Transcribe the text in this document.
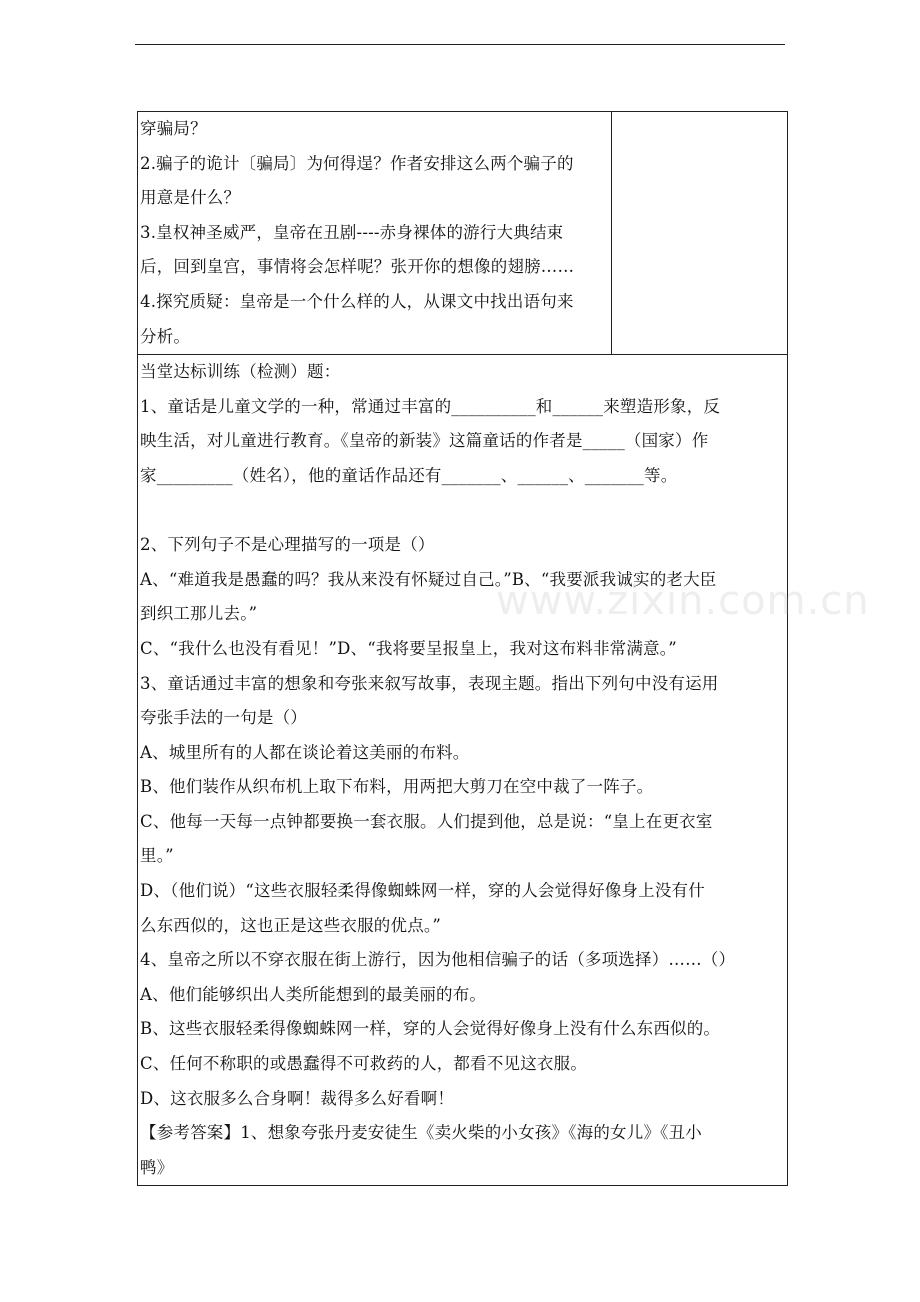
穿骗局？
2.骗子的诡计〔骗局〕为何得逞？作者安排这么两个骗子的
用意是什么？
3.皇权神圣威严，皇帝在丑剧----赤身裸体的游行大典结束
后，回到皇宫，事情将会怎样呢？张开你的想像的翅膀……
4.探究质疑：皇帝是一个什么样的人，从课文中找出语句来
分析。

当堂达标训练（检测）题：
1、童话是儿童文学的一种，常通过丰富的__________和______来塑造形象，反
映生活，对儿童进行教育。《皇帝的新装》这篇童话的作者是_____（国家）作
家_________（姓名），他的童话作品还有_______、______、_______等。
2、下列句子不是心理描写的一项是（）
A、“难道我是愚蠢的吗？我从来没有怀疑过自己。”B、“我要派我诚实的老大臣
到织工那儿去。”
C、“我什么也没有看见！”D、“我将要呈报皇上，我对这布料非常满意。”
3、童话通过丰富的想象和夸张来叙写故事，表现主题。指出下列句中没有运用
夸张手法的一句是（）
A、城里所有的人都在谈论着这美丽的布料。
B、他们装作从织布机上取下布料，用两把大剪刀在空中裁了一阵子。
C、他每一天每一点钟都要换一套衣服。人们提到他，总是说：“皇上在更衣室
里。”
D、（他们说）“这些衣服轻柔得像蜘蛛网一样，穿的人会觉得好像身上没有什
么东西似的，这也正是这些衣服的优点。”
4、皇帝之所以不穿衣服在街上游行，因为他相信骗子的话（多项选择）……（）
A、他们能够织出人类所能想到的最美丽的布。
B、这些衣服轻柔得像蜘蛛网一样，穿的人会觉得好像身上没有什么东西似的。
C、任何不称职的或愚蠢得不可救药的人，都看不见这衣服。
D、这衣服多么合身啊！裁得多么好看啊！
【参考答案】1、想象夸张丹麦安徒生《卖火柴的小女孩》《海的女儿》《丑小
鸭》
www.zixin.com.cn
